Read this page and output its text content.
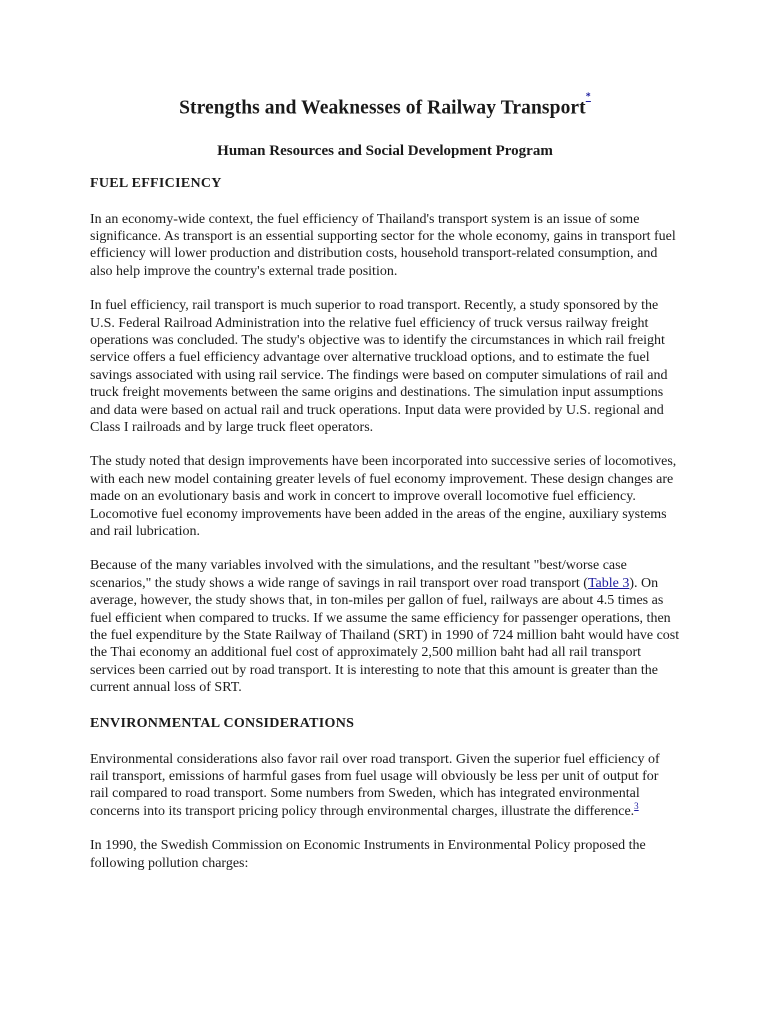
Strengths and Weaknesses of Railway Transport*
Human Resources and Social Development Program
FUEL EFFICIENCY

In an economy-wide context, the fuel efficiency of Thailand's transport system is an issue of some significance. As transport is an essential supporting sector for the whole economy, gains in transport fuel efficiency will lower production and distribution costs, household transport-related consumption, and also help improve the country's external trade position.

In fuel efficiency, rail transport is much superior to road transport. Recently, a study sponsored by the U.S. Federal Railroad Administration into the relative fuel efficiency of truck versus railway freight operations was concluded. The study's objective was to identify the circumstances in which rail freight service offers a fuel efficiency advantage over alternative truckload options, and to estimate the fuel savings associated with using rail service. The findings were based on computer simulations of rail and truck freight movements between the same origins and destinations. The simulation input assumptions and data were based on actual rail and truck operations. Input data were provided by U.S. regional and Class I railroads and by large truck fleet operators.

The study noted that design improvements have been incorporated into successive series of locomotives, with each new model containing greater levels of fuel economy improvement. These design changes are made on an evolutionary basis and work in concert to improve overall locomotive fuel efficiency. Locomotive fuel economy improvements have been added in the areas of the engine, auxiliary systems and rail lubrication.

Because of the many variables involved with the simulations, and the resultant "best/worse case scenarios," the study shows a wide range of savings in rail transport over road transport (Table 3). On average, however, the study shows that, in ton-miles per gallon of fuel, railways are about 4.5 times as fuel efficient when compared to trucks. If we assume the same efficiency for passenger operations, then the fuel expenditure by the State Railway of Thailand (SRT) in 1990 of 724 million baht would have cost the Thai economy an additional fuel cost of approximately 2,500 million baht had all rail transport services been carried out by road transport. It is interesting to note that this amount is greater than the current annual loss of SRT.

ENVIRONMENTAL CONSIDERATIONS

Environmental considerations also favor rail over road transport. Given the superior fuel efficiency of rail transport, emissions of harmful gases from fuel usage will obviously be less per unit of output for rail compared to road transport. Some numbers from Sweden, which has integrated environmental concerns into its transport pricing policy through environmental charges, illustrate the difference.$^3$

In 1990, the Swedish Commission on Economic Instruments in Environmental Policy proposed the following pollution charges:
